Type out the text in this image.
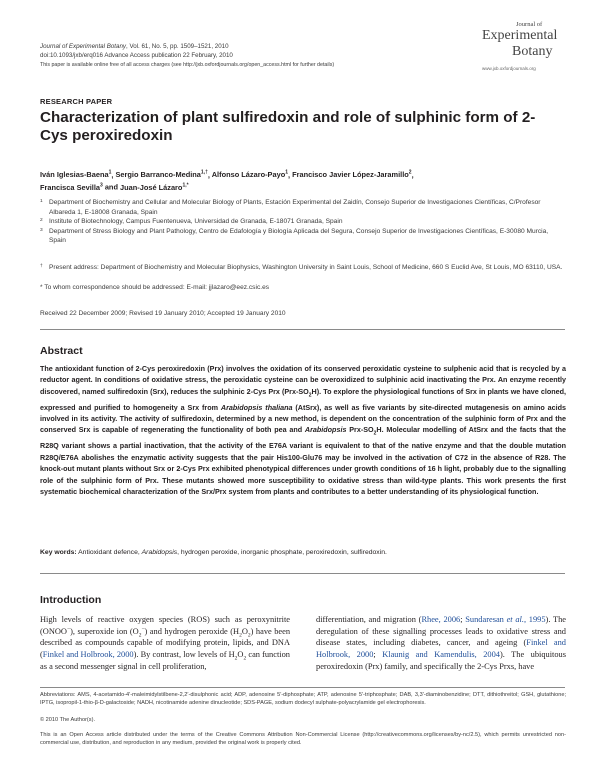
Journal of Experimental Botany, Vol. 61, No. 5, pp. 1509–1521, 2010
doi:10.1093/jxb/erq016 Advance Access publication 22 February, 2010
This paper is available online free of all access charges (see http://jxb.oxfordjournals.org/open_access.html for further details)
Journal of
Experimental
Botany
www.jxb.oxfordjournals.org
RESEARCH PAPER
Characterization of plant sulfiredoxin and role of sulphinic form of 2-Cys peroxiredoxin
Iván Iglesias-Baena$^1$, Sergio Barranco-Medina$^{1,\dagger}$, Alfonso Lázaro-Payo$^1$, Francisco Javier López-Jaramillo$^2$,
Francisca Sevilla$^3$ and Juan-José Lázaro$^{1,*}$
1 Department of Biochemistry and Cellular and Molecular Biology of Plants, Estación Experimental del Zaidín, Consejo Superior de Investigaciones Científicas, C/Profesor Albareda 1, E-18008 Granada, Spain
2 Institute of Biotechnology, Campus Fuentenueva, Universidad de Granada, E-18071 Granada, Spain
3 Department of Stress Biology and Plant Pathology, Centro de Edafología y Biología Aplicada del Segura, Consejo Superior de Investigaciones Científicas, E-30080 Murcia, Spain
† Present address: Department of Biochemistry and Molecular Biophysics, Washington University in Saint Louis, School of Medicine, 660 S Euclid Ave, St Louis, MO 63110, USA.
* To whom correspondence should be addressed: E-mail: jjlazaro@eez.csic.es
Received 22 December 2009; Revised 19 January 2010; Accepted 19 January 2010
Abstract
The antioxidant function of 2-Cys peroxiredoxin (Prx) involves the oxidation of its conserved peroxidatic cysteine to sulphenic acid that is recycled by a reductor agent. In conditions of oxidative stress, the peroxidatic cysteine can be overoxidized to sulphinic acid inactivating the Prx. An enzyme recently discovered, named sulfiredoxin (Srx), reduces the sulphinic 2-Cys Prx $(Prx-SO_2H)$. To explore the physiological functions of Srx in plants we have cloned, expressed and purified to homogeneity a Srx from Arabidopsis thaliana (AtSrx), as well as five variants by site-directed mutagenesis on amino acids involved in its activity. The activity of sulfiredoxin, determined by a new method, is dependent on the concentration of the sulphinic form of Prx and the conserved Srx is capable of regenerating the functionality of both pea and Arabidopsis Prx-$SO_2H$. Molecular modelling of AtSrx and the facts that the R28Q variant shows a partial inactivation, that the activity of the E76A variant is equivalent to that of the native enzyme and that the double mutation R28Q/E76A abolishes the enzymatic activity suggests that the pair His100-Glu76 may be involved in the activation of C72 in the absence of R28. The knock-out mutant plants without Srx or 2-Cys Prx exhibited phenotypical differences under growth conditions of 16 h light, probably due to the signalling role of the sulphinic form of Prx. These mutants showed more susceptibility to oxidative stress than wild-type plants. This work presents the first systematic biochemical characterization of the Srx/Prx system from plants and contributes to a better understanding of its physiological function.
Key words: Antioxidant defence, Arabidopsis, hydrogen peroxide, inorganic phosphate, peroxiredoxin, sulfiredoxin.
Introduction
High levels of reactive oxygen species (ROS) such as peroxynitrite (ONOO−), superoxide ion $(O_2^-)$ and hydrogen peroxide $(H_2O_2)$ have been described as compounds capable of modifying protein, lipids, and DNA (Finkel and Holbrook, 2000). By contrast, low levels of $H_2O_2$ can function as a second messenger signal in cell proliferation,
differentiation, and migration (Rhee, 2006; Sundaresan et al., 1995). The deregulation of these signalling processes leads to oxidative stress and disease states, including diabetes, cancer, and ageing (Finkel and Holbrook, 2000; Klaunig and Kamendulis, 2004). The ubiquitous peroxiredoxin (Prx) family, and specifically the 2-Cys Prxs, have
Abbreviations: AMS, 4-acetamido-4′-maleimidylstilbene-2,2′-disulphonic acid; ADP, adenosine 5′-diphosphate; ATP, adenosine 5′-triphosphate; DAB, 3,3′-diaminobenzidine; DTT, dithiothreitol; GSH, glutathione; IPTG, isopropil-1-thio-β-D-galactoside; NADH, nicotinamide adenine dinucleotide; SDS-PAGE, sodium dodecyl sulphate-polyacrylamide gel electrophoresis.
© 2010 The Author(s).
This is an Open Access article distributed under the terms of the Creative Commons Attribution Non-Commercial License (http://creativecommons.org/licenses/by-nc/2.5), which permits unrestricted non-commercial use, distribution, and reproduction in any medium, provided the original work is properly cited.
